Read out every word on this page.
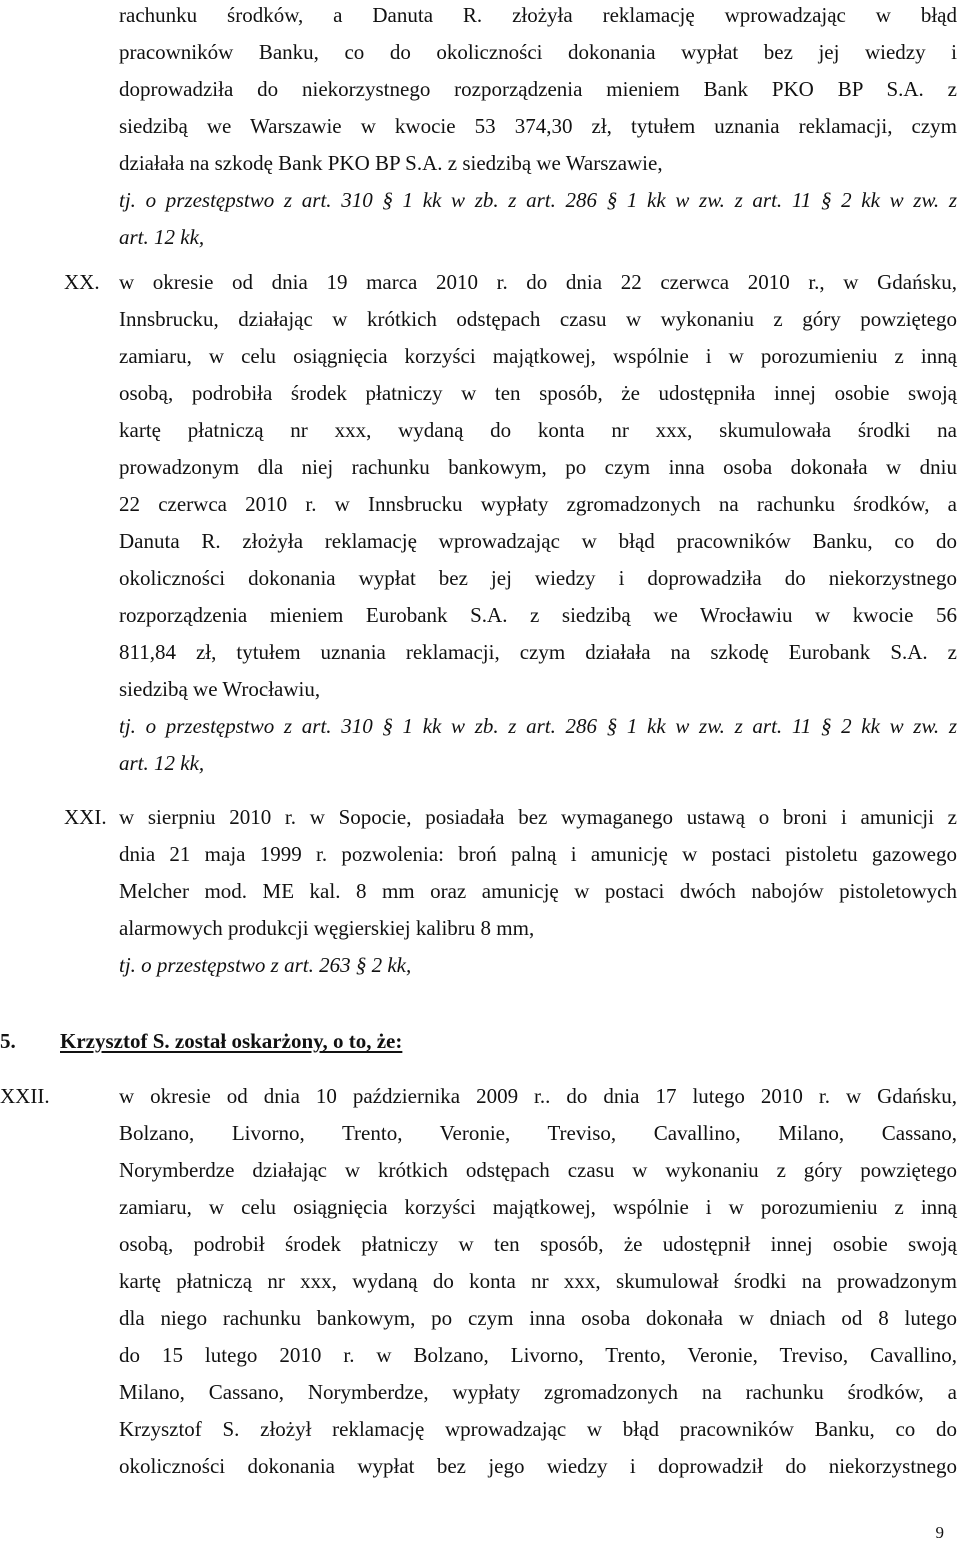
rachunku środków, a Danuta R. złożyła reklamację wprowadzając w błąd
pracowników Banku, co do okoliczności dokonania wypłat bez jej wiedzy i
doprowadziła do niekorzystnego rozporządzenia mieniem Bank PKO BP S.A. z
siedzibą we Warszawie w kwocie 53 374,30 zł, tytułem uznania reklamacji, czym
działała na szkodę Bank PKO BP S.A. z siedzibą we Warszawie,
tj. o przestępstwo z art. 310 § 1 kk w zb. z art. 286 § 1 kk w zw. z art. 11 § 2 kk w zw. z
art. 12 kk,
XX. w okresie od dnia 19 marca 2010 r. do dnia 22 czerwca 2010 r., w Gdańsku,
Innsbrucku, działając w krótkich odstępach czasu w wykonaniu z góry powziętego
zamiaru, w celu osiągnięcia korzyści majątkowej, wspólnie i w porozumieniu z inną
osobą, podrobiła środek płatniczy w ten sposób, że udostępniła innej osobie swoją
kartę płatniczą nr xxx, wydaną do konta nr xxx, skumulowała środki na
prowadzonym dla niej rachunku bankowym, po czym inna osoba dokonała w dniu
22 czerwca 2010 r. w Innsbrucku wypłaty zgromadzonych na rachunku środków, a
Danuta R. złożyła reklamację wprowadzając w błąd pracowników Banku, co do
okoliczności dokonania wypłat bez jej wiedzy i doprowadziła do niekorzystnego
rozporządzenia mieniem Eurobank S.A. z siedzibą we Wrocławiu w kwocie 56
811,84 zł, tytułem uznania reklamacji, czym działała na szkodę Eurobank S.A. z
siedzibą we Wrocławiu,
tj. o przestępstwo z art. 310 § 1 kk w zb. z art. 286 § 1 kk w zw. z art. 11 § 2 kk w zw. z
art. 12 kk,
XXI. w sierpniu 2010 r. w Sopocie, posiadała bez wymaganego ustawą o broni i amunicji z
dnia 21 maja 1999 r. pozwolenia: broń palną i amunicję w postaci pistoletu gazowego
Melcher mod. ME kal. 8 mm oraz amunicję w postaci dwóch nabojów pistoletowych
alarmowych produkcji węgierskiej kalibru 8 mm,
tj. o przestępstwo z art. 263 § 2 kk,
5. Krzysztof S. został oskarżony, o to, że:
XXII.	w okresie od dnia 10 października 2009 r.. do dnia 17 lutego 2010 r. w Gdańsku,
Bolzano, Livorno, Trento, Veronie, Treviso, Cavallino, Milano, Cassano,
Norymberdze działając w krótkich odstępach czasu w wykonaniu z góry powziętego
zamiaru, w celu osiągnięcia korzyści majątkowej, wspólnie i w porozumieniu z inną
osobą, podrobił środek płatniczy w ten sposób, że udostępnił innej osobie swoją
kartę płatniczą nr xxx, wydaną do konta nr xxx, skumulował środki na prowadzonym
dla niego rachunku bankowym, po czym inna osoba dokonała w dniach od 8 lutego
do 15 lutego 2010 r. w Bolzano, Livorno, Trento, Veronie, Treviso, Cavallino,
Milano, Cassano, Norymberdze, wypłaty zgromadzonych na rachunku środków, a
Krzysztof S. złożył reklamację wprowadzając w błąd pracowników Banku, co do
okoliczności dokonania wypłat bez jego wiedzy i doprowadził do niekorzystnego
9
